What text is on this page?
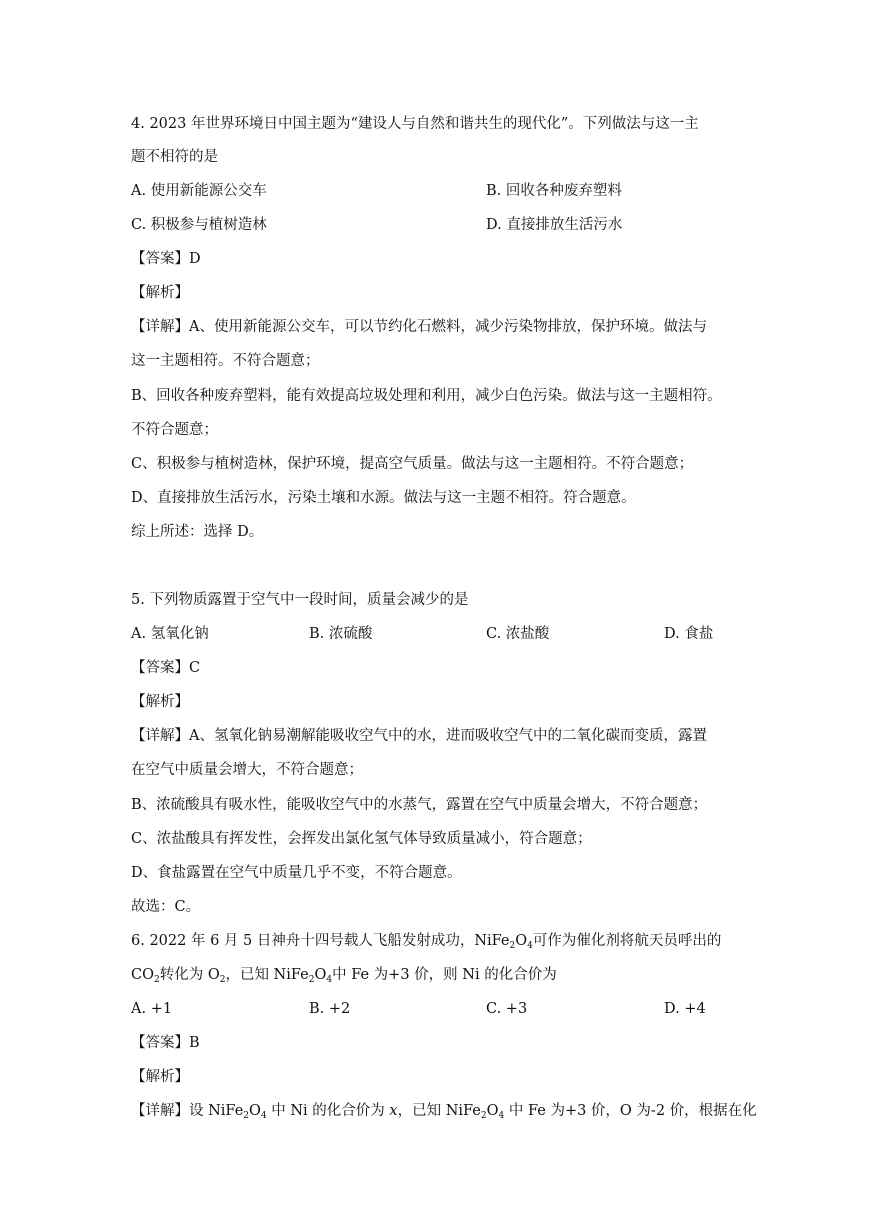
4. 2023 年世界环境日中国主题为“建设人与自然和谐共生的现代化”。下列做法与这一主
题不相符的是
A. 使用新能源公交车	B. 回收各种废弃塑料
C. 积极参与植树造林	D. 直接排放生活污水
【答案】D
【解析】
【详解】A、使用新能源公交车，可以节约化石燃料，减少污染物排放，保护环境。做法与
这一主题相符。不符合题意；
B、回收各种废弃塑料，能有效提高垃圾处理和利用，减少白色污染。做法与这一主题相符。
不符合题意；
C、积极参与植树造林，保护环境，提高空气质量。做法与这一主题相符。不符合题意；
D、直接排放生活污水，污染土壤和水源。做法与这一主题不相符。符合题意。
综上所述：选择 D。
5. 下列物质露置于空气中一段时间，质量会减少的是
A. 氢氧化钠	B. 浓硫酸	C. 浓盐酸	D. 食盐
【答案】C
【解析】
【详解】A、氢氧化钠易潮解能吸收空气中的水，进而吸收空气中的二氧化碳而变质，露置
在空气中质量会增大，不符合题意；
B、浓硫酸具有吸水性，能吸收空气中的水蒸气，露置在空气中质量会增大，不符合题意；
C、浓盐酸具有挥发性，会挥发出氯化氢气体导致质量减小，符合题意；
D、食盐露置在空气中质量几乎不变，不符合题意。
故选：C。
6. 2022 年 6 月 5 日神舟十四号载人飞船发射成功，$NiFe_2O_4$可作为催化剂将航天员呼出的
$CO_2$转化为 $O_2$，已知 $NiFe_2O_4$中 Fe 为+3 价，则 Ni 的化合价为
A. +1	B. +2	C. +3	D. +4
【答案】B
【解析】
【详解】设 $NiFe_2O_4$ 中 Ni 的化合价为 x，已知 $NiFe_2O_4$ 中 Fe 为+3 价，O 为-2 价，根据在化
